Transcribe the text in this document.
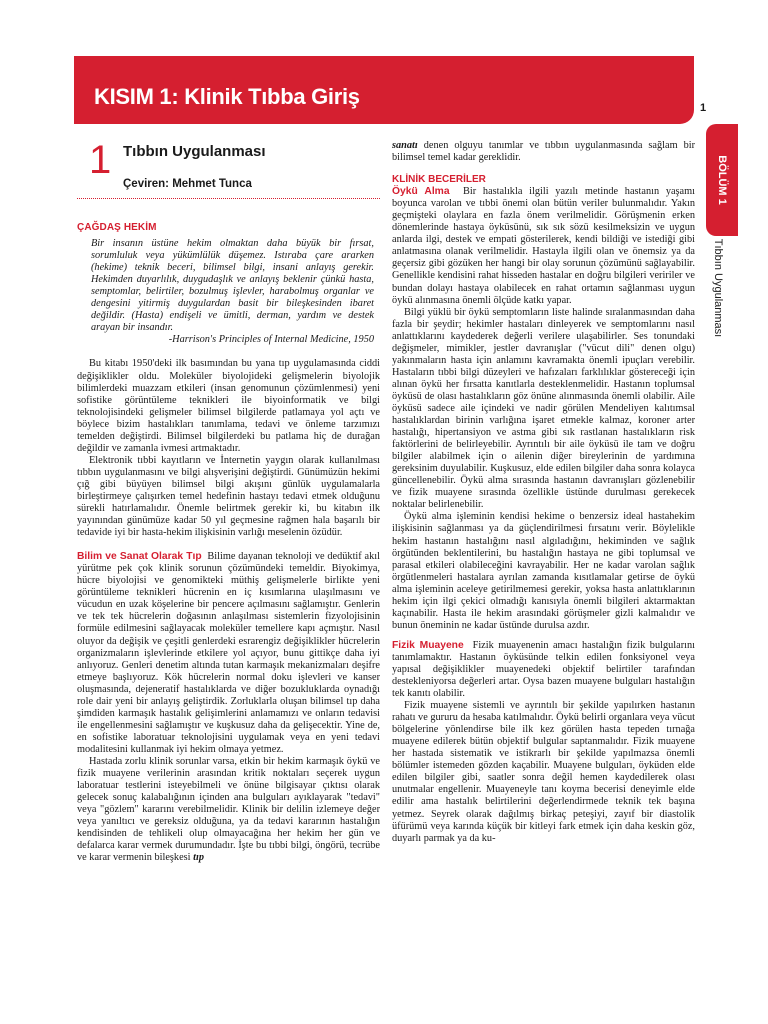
KISIM 1: Klinik Tıbba Giriş	1
BÖLÜM 1
Tıbbın Uygulanması
1 Tıbbın Uygulanması
Çeviren: Mehmet Tunca
ÇAĞDAŞ HEKİM
Bir insanın üstüne hekim olmaktan daha büyük bir fırsat, sorumluluk veya yükümlülük düşemez. Istıraba çare ararken (hekime) teknik beceri, bilimsel bilgi, insani anlayış gerekir. Hekimden duyarlılık, duygudaşlık ve anlayış beklenir çünkü hasta, semptomlar, belirtiler, bozulmuş işlevler, harabolmuş organlar ve dengesini yitirmiş duygulardan basit bir bileşkesinden ibaret değildir. (Hasta) endişeli ve ümitli, derman, yardım ve destek arayan bir insandır.
-Harrison's Principles of Internal Medicine, 1950

Bu kitabı 1950'deki ilk basımından bu yana tıp uygulamasında ciddi değişiklikler oldu. Moleküler biyolojideki gelişmelerin biyolojik bilimlerdeki muazzam etkileri (insan genomunun çözümlenmesi) yeni sofistike görüntüleme teknikleri ile biyoinformatik ve bilgi teknolojisindeki gelişmeler bilimsel bilgilerde patlamaya yol açtı ve böylece bizim hastalıkları tanımlama, tedavi ve önleme tarzımızı temelden değiştirdi. Bilimsel bilgilerdeki bu patlama hiç de durağan değildir ve zamanla ivmesi artmaktadır.

Elektronik tıbbi kayıtların ve İnternetin yaygın olarak kullanılması tıbbın uygulanmasını ve bilgi alışverişini değiştirdi. Günümüzün hekimi çığ gibi büyüyen bilimsel bilgi akışını günlük uygulamalarla birleştirmeye çalışırken temel hedefinin hastayı tedavi etmek olduğunu sürekli hatırlamalıdır. Önemle belirtmek gerekir ki, bu kitabın ilk yayınından günümüze kadar 50 yıl geçmesine rağmen hala başarılı bir tedavide iyi bir hasta-hekim ilişkisinin varlığı meselenin özüdür.

Bilim ve Sanat Olarak Tıp Bilime dayanan teknoloji ve dedüktif akıl yürütme pek çok klinik sorunun çözümündeki temeldir. Biyokimya, hücre biyolojisi ve genomikteki müthiş gelişmelerle birlikte yeni görüntüleme teknikleri hücrenin en iç kısımlarına ulaşılmasını ve vücudun en uzak köşelerine bir pencere açılmasını sağlamıştır. Genlerin ve tek tek hücrelerin doğasının anlaşılması sistemlerin fizyolojisinin formüle edilmesini sağlayacak moleküler temellere kapı açmıştır. Nasıl oluyor da değişik ve çeşitli genlerdeki esrarengiz değişiklikler hücrelerin organizmaların işlevlerinde etkilere yol açıyor, bunu gittikçe daha iyi anlıyoruz. Genleri denetim altında tutan karmaşık mekanizmaları deşifre etmeye başlıyoruz. Kök hücrelerin normal doku işlevleri ve kanser oluşmasında, dejeneratif hastalıklarda ve diğer bozukluklarda oynadığı role dair yeni bir anlayış geliştirdik. Zorluklarla oluşan bilimsel tıp daha şimdiden karmaşık hastalık gelişimlerini anlamamızı ve onların tedavisi ile engellenmesini sağlamıştır ve kuşkusuz daha da gelişecektir. Yine de, en sofistike laboratuar teknolojisini uygulamak veya en yeni tedavi modalitesini kullanmak iyi hekim olmaya yetmez.

Hastada zorlu klinik sorunlar varsa, etkin bir hekim karmaşık öykü ve fizik muayene verilerinin arasından kritik noktaları seçerek uygun laboratuar testlerini isteyebilmeli ve önüne bilgisayar çıktısı olarak gelecek sonuç kalabalığının içinden ana bulguları ayıklayarak "tedavi" veya "gözlem" kararını verebilmelidir. Klinik bir delilin izlemeye değer veya yanıltıcı ve gereksiz olduğuna, ya da tedavi kararının hastalığın kendisinden de tehlikeli olup olmayacağına her hekim her gün ve defalarca karar vermek durumundadır. İşte bu tıbbi bilgi, öngörü, tecrübe ve karar vermenin bileşkesi tıp

sanatı denen olguyu tanımlar ve tıbbın uygulanmasında sağlam bir bilimsel temel kadar gereklidir.

KLİNİK BECERİLER

Öykü Alma Bir hastalıkla ilgili yazılı metinde hastanın yaşamı boyunca varolan ve tıbbi önemi olan bütün veriler bulunmalıdır. Yakın geçmişteki olaylara en fazla önem verilmelidir. Görüşmenin erken dönemlerinde hastaya öyküsünü, sık sık sözü kesilmeksizin ve uygun anlarda ilgi, destek ve empati gösterilerek, kendi bildiği ve istediği gibi anlatmasına olanak verilmelidir. Hastayla ilgili olan ve önemsiz ya da geçersiz gibi gözüken her hangi bir olay sorunun çözümünü sağlayabilir. Genellikle kendisini rahat hisseden hastalar en doğru bilgileri veririler ve bundan dolayı hastaya olabilecek en rahat ortamın sağlanması uygun öykü alınmasına önemli ölçüde katkı yapar.

Bilgi yüklü bir öykü semptomların liste halinde sıralanmasından daha fazla bir şeydir; hekimler hastaları dinleyerek ve semptomlarını nasıl anlattıklarını kaydederek değerli verilere ulaşabilirler. Ses tonundaki değişmeler, mimikler, jestler davranışlar ("vücut dili" denen olgu) yakınmaların hasta için anlamını kavramakta önemli ipuçları verebilir. Hastaların tıbbi bilgi düzeyleri ve hafızaları farklılıklar göstereceği için alınan öykü her fırsatta kanıtlarla desteklenmelidir. Hastanın toplumsal öyküsü de olası hastalıkların göz önüne alınmasında önemli olabilir. Aile öyküsü sadece aile içindeki ve nadir görülen Mendeliyen kalıtımsal hastalıklardan birinin varlığına işaret etmekle kalmaz, koroner arter hastalığı, hipertansiyon ve astma gibi sık rastlanan hastalıkların risk faktörlerini de belirleyebilir. Ayrıntılı bir aile öyküsü ile tam ve doğru bilgiler alabilmek için o ailenin diğer bireylerinin de yardımına gereksinim duyulabilir. Kuşkusuz, elde edilen bilgiler daha sonra kolayca güncellenebilir. Öykü alma sırasında hastanın davranışları gözlenebilir ve fizik muayene sırasında özellikle üstünde durulması gerekecek noktalar belirlenebilir.

Öykü alma işleminin kendisi hekime o benzersiz ideal hastahekim ilişkisinin sağlanması ya da güçlendirilmesi fırsatını verir. Böylelikle hekim hastanın hastalığını nasıl algıladığını, hekiminden ve sağlık örgütünden beklentilerini, bu hastalığın hastaya ne gibi toplumsal ve parasal etkileri olabileceğini kavrayabilir. Her ne kadar varolan sağlık örgütlenmeleri hastalara ayrılan zamanda kısıtlamalar getirse de öykü alma işleminin aceleye getirilmemesi gerekir, yoksa hasta anlattıklarının hekim için ilgi çekici olmadığı kanısıyla önemli bilgileri aktarmaktan kaçınabilir. Hasta ile hekim arasındaki görüşmeler gizli kalmalıdır ve bunun öneminin ne kadar üstünde durulsa azdır.

Fizik Muayene Fizik muayenenin amacı hastalığın fizik bulgularını tanımlamaktır. Hastanın öyküsünde telkin edilen fonksiyonel veya yapısal değişiklikler muayenedeki objektif belirtiler tarafından destekleniyorsa değerleri artar. Oysa bazen muayene bulguları hastalığın tek kanıtı olabilir.

Fizik muayene sistemli ve ayrıntılı bir şekilde yapılırken hastanın rahatı ve gururu da hesaba katılmalıdır. Öykü belirli organlara veya vücut bölgelerine yönlendirse bile ilk kez görülen hasta tepeden tırnağa muayene edilerek bütün objektif bulgular saptanmalıdır. Fizik muayene her hastada sistematik ve istikrarlı bir şekilde yapılmazsa önemli bölümler istemeden gözden kaçabilir. Muayene bulguları, öyküden elde edilen bilgiler gibi, saatler sonra değil hemen kaydedilerek olası unutmalar engellenir. Muayeneyle tanı koyma becerisi deneyimle elde edilir ama hastalık belirtilerini değerlendirmede teknik tek başına yetmez. Seyrek olarak dağılmış birkaç peteşiyi, zayıf bir diastolik üfürümü veya karında küçük bir kitleyi fark etmek için daha keskin göz, duyarlı parmak ya da ku-
